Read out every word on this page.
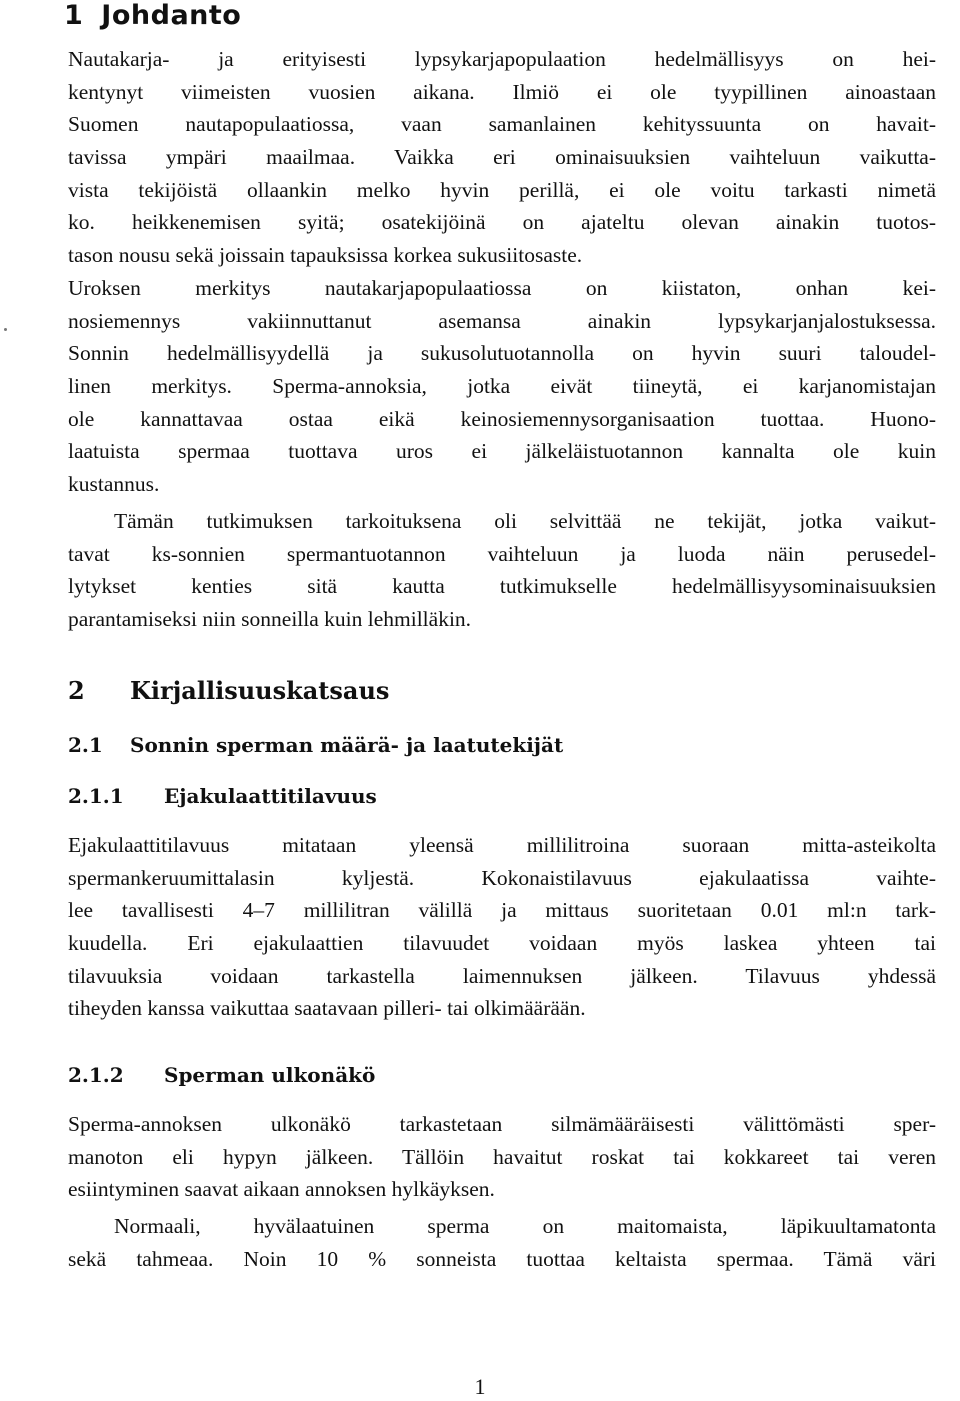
1 Johdanto
Nautakarja- ja erityisesti lypsykarjapopulaation hedelmällisyys on hei-
kentynyt viimeisten vuosien aikana. Ilmiö ei ole tyypillinen ainoastaan
Suomen nautapopulaatiossa, vaan samanlainen kehityssuunta on havait-
tavissa ympäri maailmaa. Vaikka eri ominaisuuksien vaihteluun vaikutta-
vista tekijöistä ollaankin melko hyvin perillä, ei ole voitu tarkasti nimetä
ko. heikkenemisen syitä; osatekijöinä on ajateltu olevan ainakin tuotos-
tason nousu sekä joissain tapauksissa korkea sukusiitosaste.
Uroksen merkitys nautakarjapopulaatiossa on kiistaton, onhan kei-
nosiemennys vakiinnuttanut asemansa ainakin lypsykarjanjalostuksessa.
Sonnin hedelmällisyydellä ja sukusolutuotannolla on hyvin suuri taloudel-
linen merkitys. Sperma-annoksia, jotka eivät tiineytä, ei karjanomistajan
ole kannattavaa ostaa eikä keinosiemennysorganisaation tuottaa. Huono-
laatuista spermaa tuottava uros ei jälkeläistuotannon kannalta ole kuin
kustannus.
Tämän tutkimuksen tarkoituksena oli selvittää ne tekijät, jotka vaikut-
tavat ks-sonnien spermantuotannon vaihteluun ja luoda näin perusedel-
lytykset kenties sitä kautta tutkimukselle hedelmällisyysominaisuuksien
parantamiseksi niin sonneilla kuin lehmilläkin.
2 Kirjallisuuskatsaus
2.1 Sonnin sperman määrä- ja laatutekijät
2.1.1 Ejakulaattitilavuus
Ejakulaattitilavuus mitataan yleensä millilitroina suoraan mitta-asteikolta
spermankeruumittalasin kyljestä. Kokonaistilavuus ejakulaatissa vaihte-
lee tavallisesti 4–7 millilitran välillä ja mittaus suoritetaan 0.01 ml:n tark-
kuudella. Eri ejakulaattien tilavuudet voidaan myös laskea yhteen tai
tilavuuksia voidaan tarkastella laimennuksen jälkeen. Tilavuus yhdessä
tiheyden kanssa vaikuttaa saatavaan pilleri- tai olkimäärään.
2.1.2 Sperman ulkonäkö
Sperma-annoksen ulkonäkö tarkastetaan silmämääräisesti välittömästi sper-
manoton eli hypyn jälkeen. Tällöin havaitut roskat tai kokkareet tai veren
esiintyminen saavat aikaan annoksen hylkäyksen.
Normaali, hyvälaatuinen sperma on maitomaista, läpikuultamatonta
sekä tahmeaa. Noin 10 % sonneista tuottaa keltaista spermaa. Tämä väri
1
